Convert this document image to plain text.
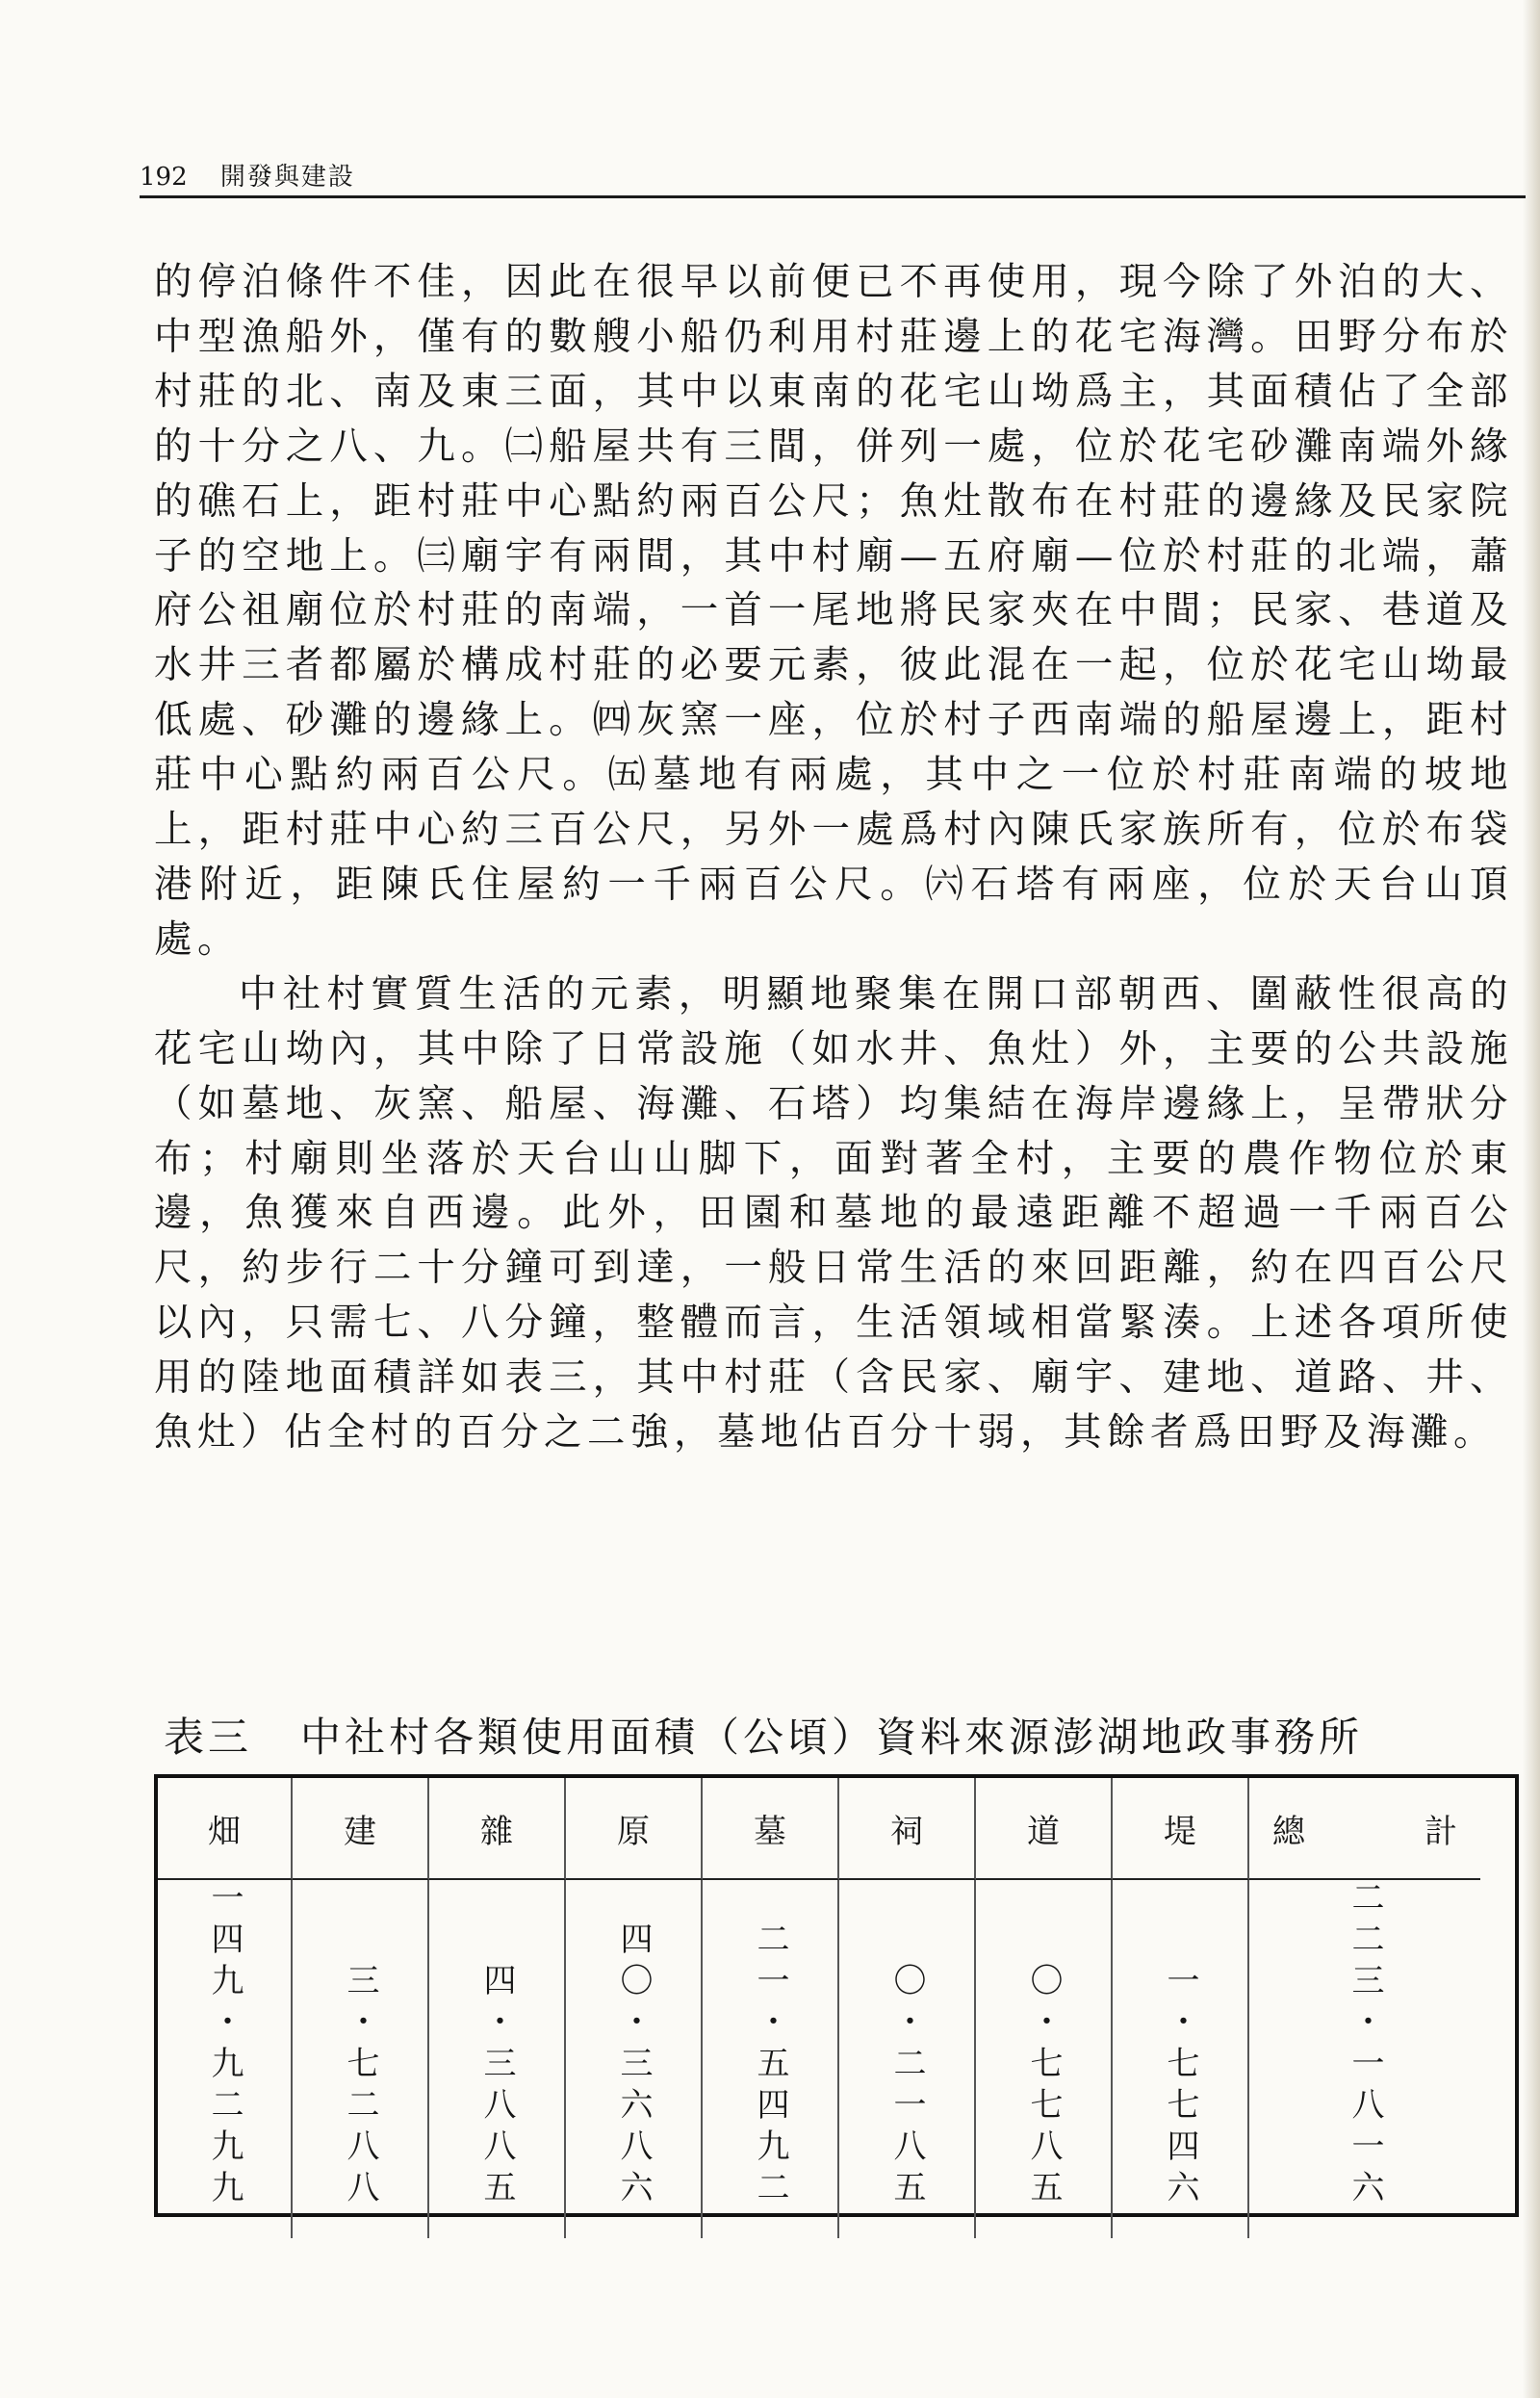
192 開發與建設

的停泊條件不佳，因此在很早以前便已不再使用，現今除了外泊的大、中型漁船外，僅有的數艘小船仍利用村莊邊上的花宅海灣。田野分布於村莊的北、南及東三面，其中以東南的花宅山坳爲主，其面積佔了全部的十分之八、九。㈡船屋共有三間，併列一處，位於花宅砂灘南端外緣的礁石上，距村莊中心點約兩百公尺；魚灶散布在村莊的邊緣及民家院子的空地上。㈢廟宇有兩間，其中村廟—五府廟—位於村莊的北端，蕭府公祖廟位於村莊的南端，一首一尾地將民家夾在中間；民家、巷道及水井三者都屬於構成村莊的必要元素，彼此混在一起，位於花宅山坳最低處、砂灘的邊緣上。㈣灰窯一座，位於村子西南端的船屋邊上，距村莊中心點約兩百公尺。㈤墓地有兩處，其中之一位於村莊南端的坡地上，距村莊中心約三百公尺，另外一處爲村內陳氏家族所有，位於布袋港附近，距陳氏住屋約一千兩百公尺。㈥石塔有兩座，位於天台山頂處。

中社村實質生活的元素，明顯地聚集在開口部朝西、圍蔽性很高的花宅山坳內，其中除了日常設施（如水井、魚灶）外，主要的公共設施（如墓地、灰窯、船屋、海灘、石塔）均集結在海岸邊緣上，呈帶狀分布；村廟則坐落於天台山山脚下，面對著全村，主要的農作物位於東邊，魚獲來自西邊。此外，田園和墓地的最遠距離不超過一千兩百公尺，約步行二十分鐘可到達，一般日常生活的來回距離，約在四百公尺以內，只需七、八分鐘，整體而言，生活領域相當緊湊。上述各項所使用的陸地面積詳如表三，其中村莊（含民家、廟宇、建地、道路、井、魚灶）佔全村的百分之二強，墓地佔百分十弱，其餘者爲田野及海灘。

表三 中社村各類使用面積（公頃）資料來源澎湖地政事務所
畑	建	雜	原	墓	祠	道	堤	總	計
一四九・九二九九	三・七二八八	四・三八八五	四〇・三六八六	二一・五四九二	〇・二一八五	〇・七七八五	一・七七四六	二二三・一八一六
